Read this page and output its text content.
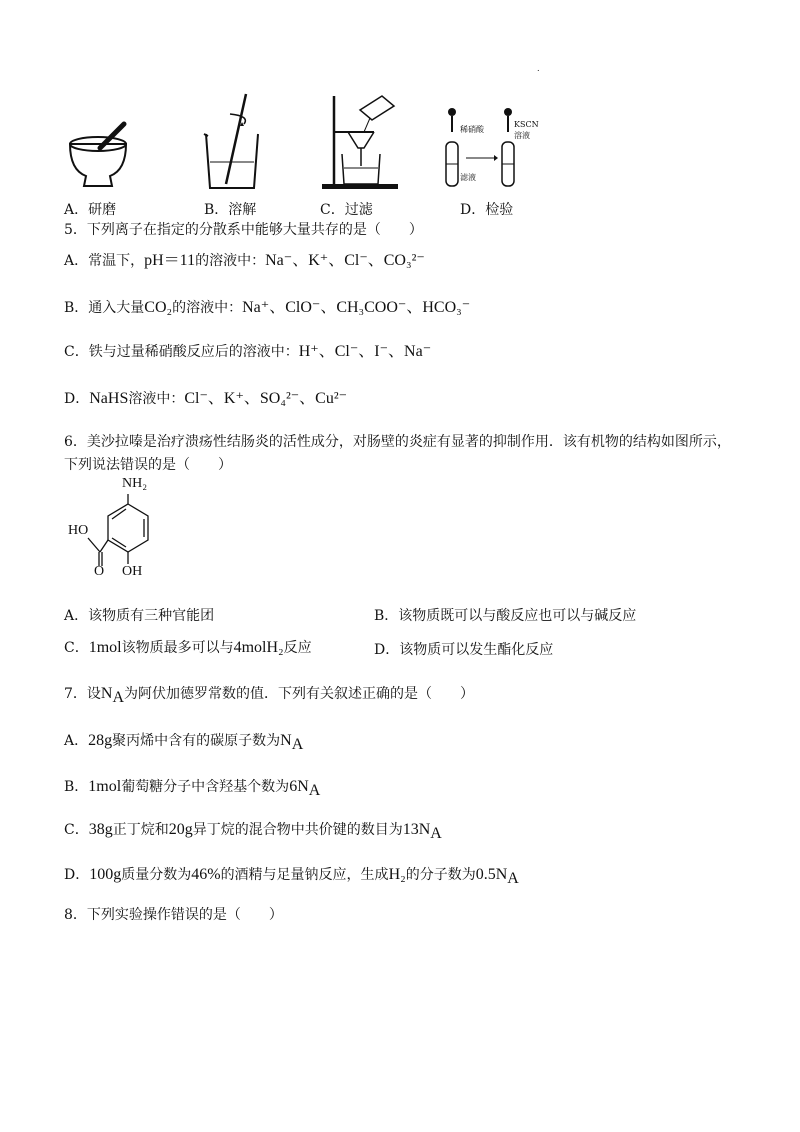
.
稀硝酸
KSCN
溶液
滤液
A．研磨	B．溶解	C．过滤	D．检验
5．下列离子在指定的分散系中能够大量共存的是（　　）
A．常温下，pH＝11的溶液中：Na⁻、K⁺、Cl⁻、CO₃²⁻
B．通入大量CO₂的溶液中：Na⁺、ClO⁻、CH₃COO⁻、HCO₃⁻
C．铁与过量稀硝酸反应后的溶液中：H⁺、Cl⁻、I⁻、Na⁻
D．NaHS溶液中：Cl⁻、K⁺、SO₄²⁻、Cu²⁻
6．美沙拉嗪是治疗溃疡性结肠炎的活性成分，对肠壁的炎症有显著的抑制作用．该有机物的结构如图所示，
下列说法错误的是（　　）
NH₂
HO
O OH
A．该物质有三种官能团	B．该物质既可以与酸反应也可以与碱反应
C．1mol该物质最多可以与4molH₂反应	D．该物质可以发生酯化反应
7．设$N_A$为阿伏加德罗常数的值．下列有关叙述正确的是（　　）
A．28g聚丙烯中含有的碳原子数为$N_A$
B．1mol葡萄糖分子中含羟基个数为$6N_A$
C．38g正丁烷和20g异丁烷的混合物中共价键的数目为$13N_A$
D．100g质量分数为46%的酒精与足量钠反应，生成H₂的分子数为$0.5N_A$
8．下列实验操作错误的是（　　）
